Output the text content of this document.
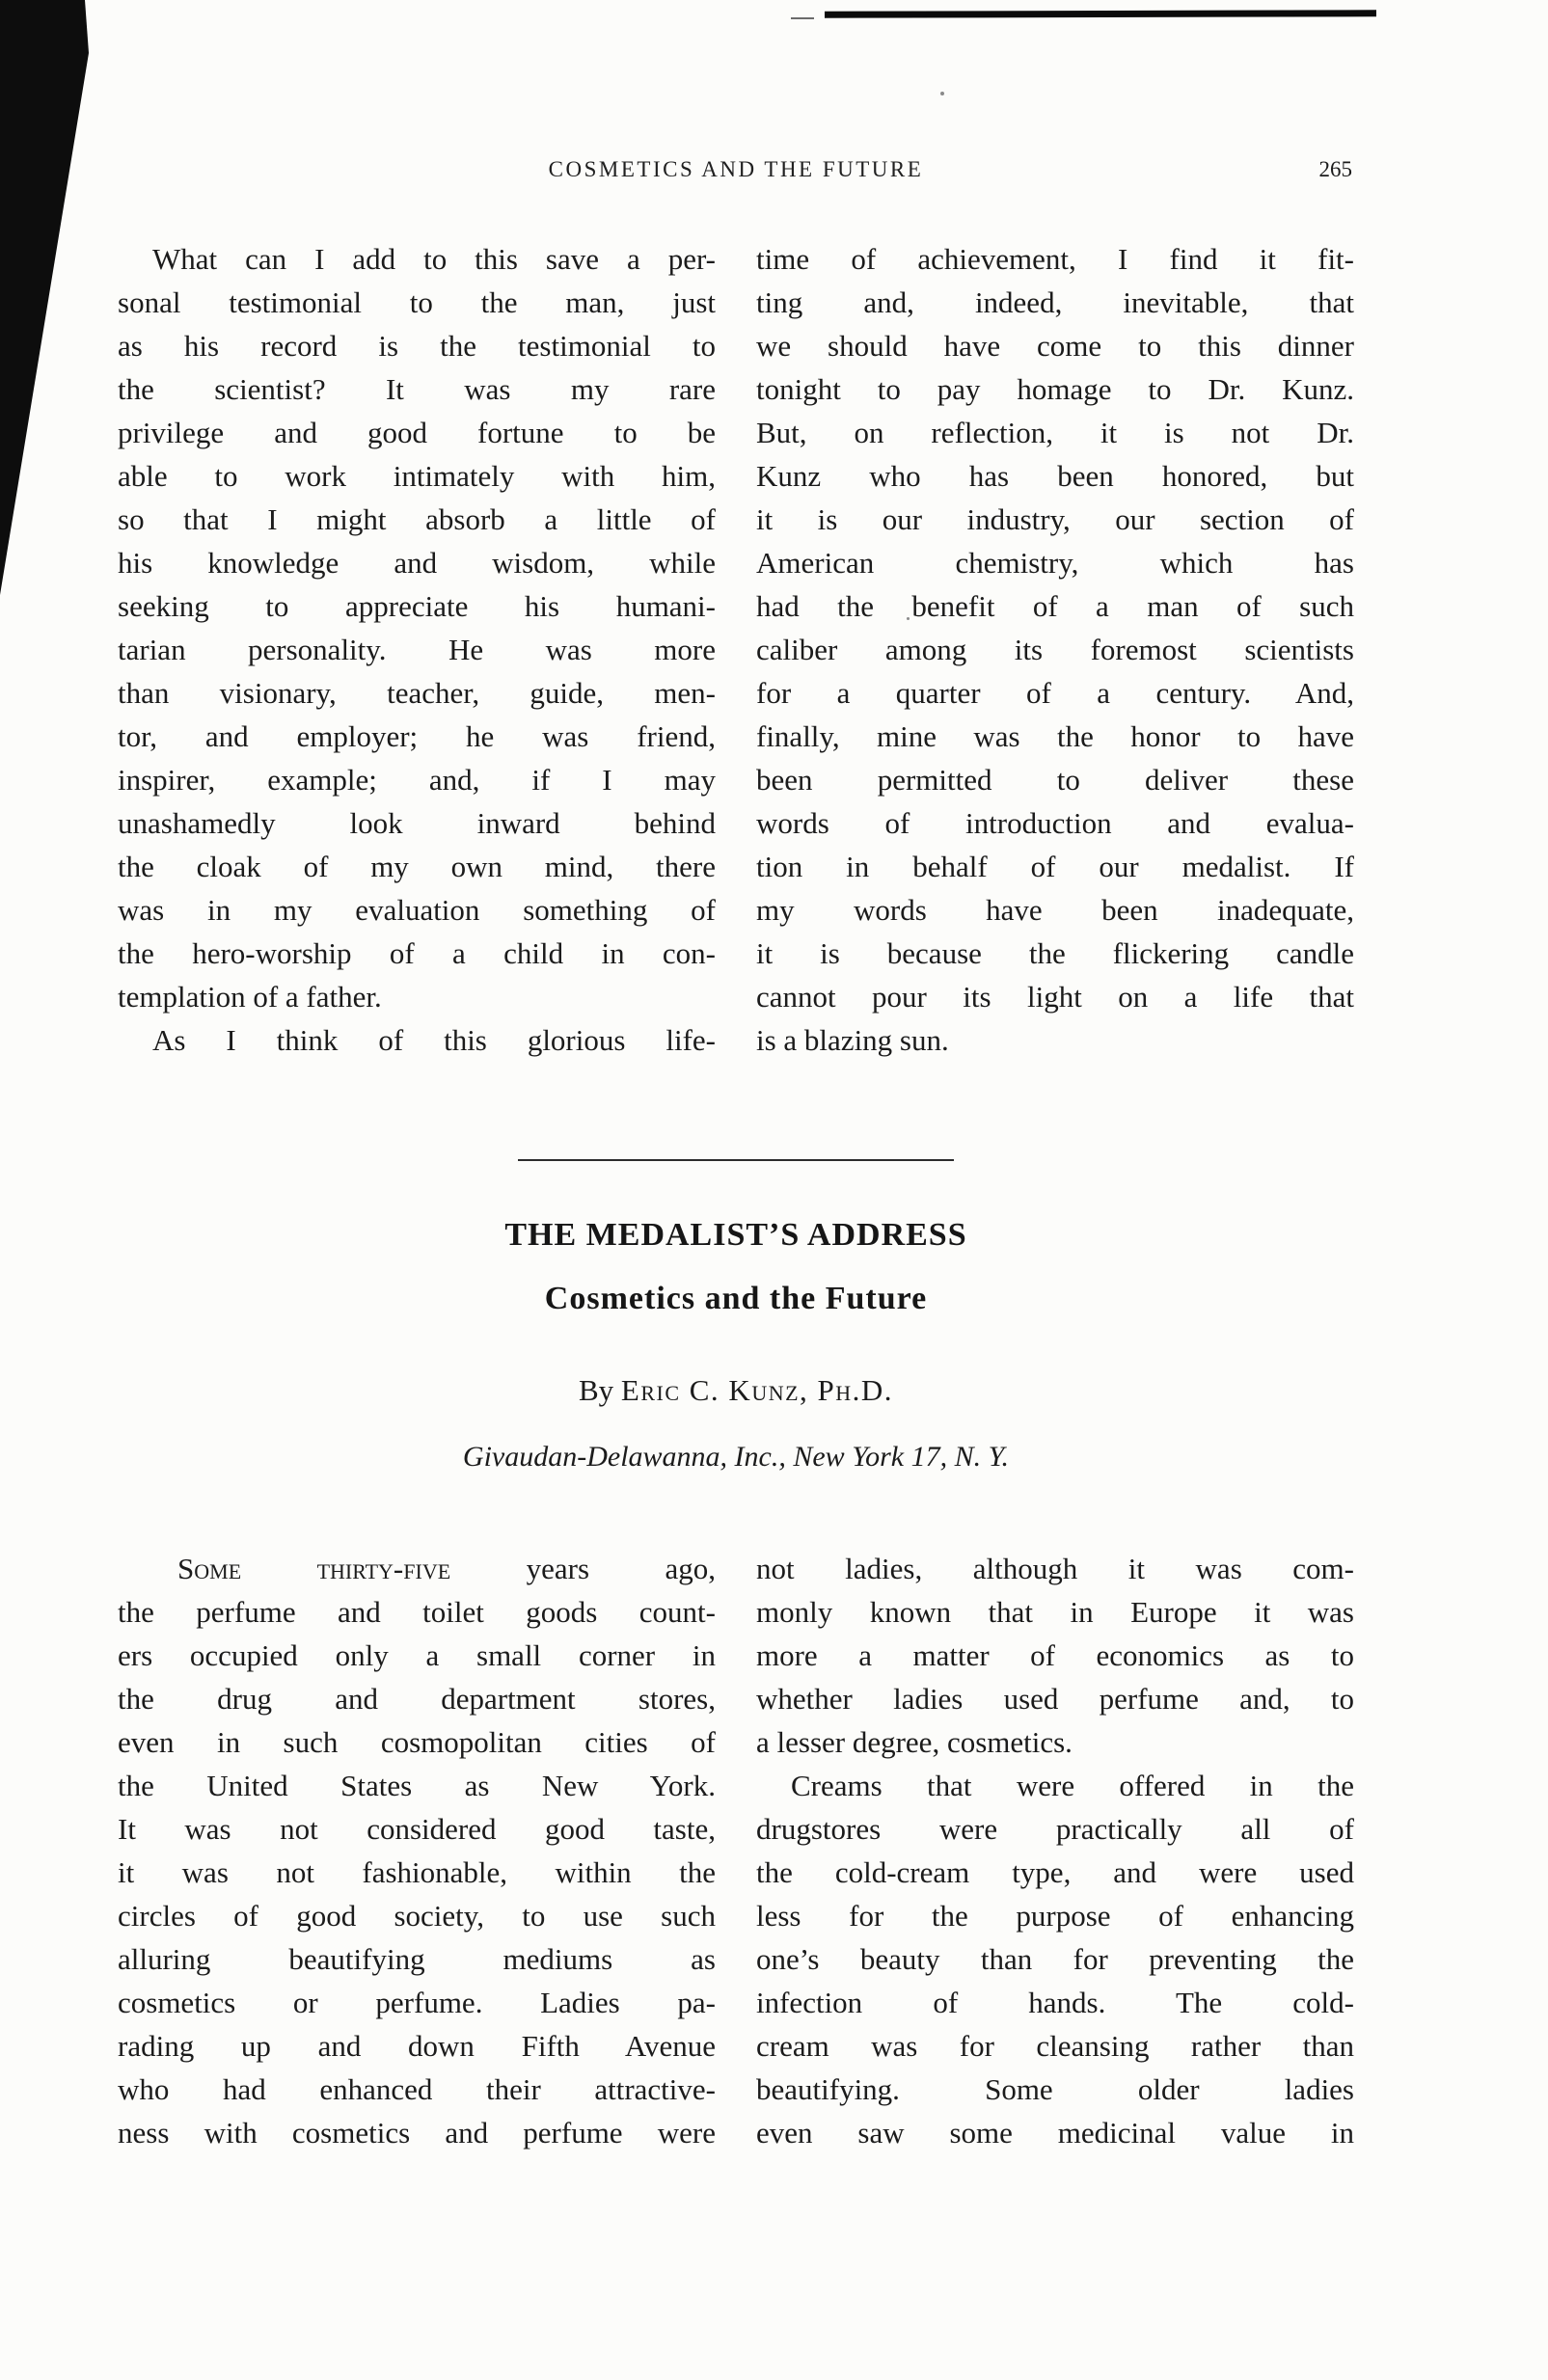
COSMETICS AND THE FUTURE	265
What can I add to this save a per-
sonal testimonial to the man, just
as his record is the testimonial to
the scientist? It was my rare
privilege and good fortune to be
able to work intimately with him,
so that I might absorb a little of
his knowledge and wisdom, while
seeking to appreciate his humani-
tarian personality. He was more
than visionary, teacher, guide, men-
tor, and employer; he was friend,
inspirer, example; and, if I may
unashamedly look inward behind
the cloak of my own mind, there
was in my evaluation something of
the hero-worship of a child in con-
templation of a father.
As I think of this glorious life-
time of achievement, I find it fit-
ting and, indeed, inevitable, that
we should have come to this dinner
tonight to pay homage to Dr. Kunz.
But, on reflection, it is not Dr.
Kunz who has been honored, but
it is our industry, our section of
American chemistry, which has
had the benefit of a man of such
caliber among its foremost scientists
for a quarter of a century. And,
finally, mine was the honor to have
been permitted to deliver these
words of introduction and evalua-
tion in behalf of our medalist. If
my words have been inadequate,
it is because the flickering candle
cannot pour its light on a life that
is a blazing sun.
THE MEDALIST’S ADDRESS
Cosmetics and the Future
By Eric C. Kunz, Ph.D.
Givaudan-Delawanna, Inc., New York 17, N. Y.
Some thirty-five years ago,
the perfume and toilet goods count-
ers occupied only a small corner in
the drug and department stores,
even in such cosmopolitan cities of
the United States as New York.
It was not considered good taste,
it was not fashionable, within the
circles of good society, to use such
alluring beautifying mediums as
cosmetics or perfume. Ladies pa-
rading up and down Fifth Avenue
who had enhanced their attractive-
ness with cosmetics and perfume were
not ladies, although it was com-
monly known that in Europe it was
more a matter of economics as to
whether ladies used perfume and, to
a lesser degree, cosmetics.
Creams that were offered in the
drugstores were practically all of
the cold-cream type, and were used
less for the purpose of enhancing
one’s beauty than for preventing the
infection of hands. The cold-
cream was for cleansing rather than
beautifying. Some older ladies
even saw some medicinal value in
